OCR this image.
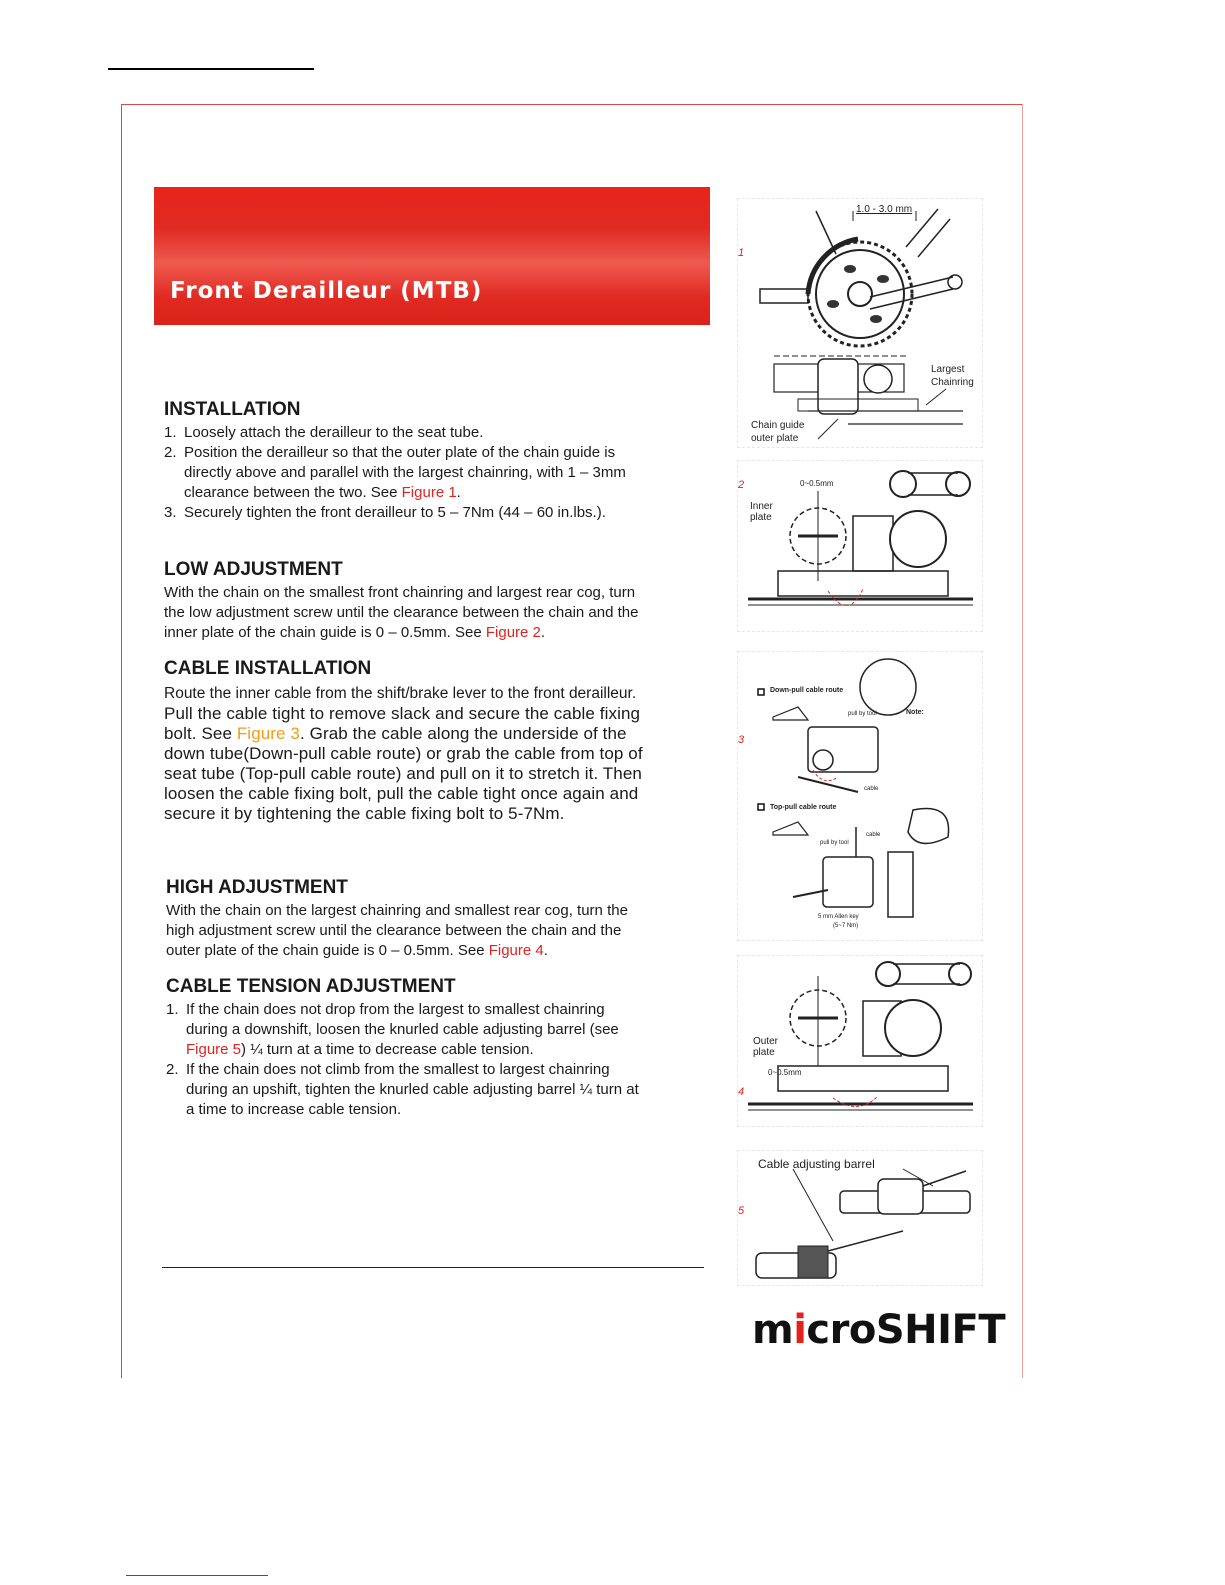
Front Derailleur (MTB)
INSTALLATION
1. Loosely attach the derailleur to the seat tube.
2. Position the derailleur so that the outer plate of the chain guide is
directly above and parallel with the largest chainring, with 1 – 3mm
clearance between the two. See Figure 1.
3. Securely tighten the front derailleur to 5 – 7Nm (44 – 60 in.lbs.).
LOW ADJUSTMENT
With the chain on the smallest front chainring and largest rear cog, turn
the low adjustment screw until the clearance between the chain and the
inner plate of the chain guide is 0 – 0.5mm. See Figure 2.
CABLE INSTALLATION
Route the inner cable from the shift/brake lever to the front derailleur.
Pull the cable tight to remove slack and secure the cable fixing
bolt. See Figure 3. Grab the cable along the underside of the
down tube(Down-pull cable route) or grab the cable from top of
seat tube (Top-pull cable route) and pull on it to stretch it. Then
loosen the cable fixing bolt, pull the cable tight once again and
secure it by tightening the cable fixing bolt to 5-7Nm.
HIGH ADJUSTMENT
With the chain on the largest chainring and smallest rear cog, turn the
high adjustment screw until the clearance between the chain and the
outer plate of the chain guide is 0 – 0.5mm. See Figure 4.
CABLE TENSION ADJUSTMENT
1. If the chain does not drop from the largest to smallest chainring
during a downshift, loosen the knurled cable adjusting barrel (see
Figure 5) ¼ turn at a time to decrease cable tension.
2. If the chain does not climb from the smallest to largest chainring
during an upshift, tighten the knurled cable adjusting barrel ¼ turn at
a time to increase cable tension.
1
1.0 - 3.0 mm
Largest
Chainring
Chain guide
outer plate
2	0~0.5mm
Inner
plate
3
Down-pull cable route
pull by tool	Note:
cable
Top-pull cable route
pull by tool
cable
5 mm Allen key
(5~7 Nm)
4
Outer
plate
0~0.5mm
5
Cable adjusting barrel
microSHIFT
